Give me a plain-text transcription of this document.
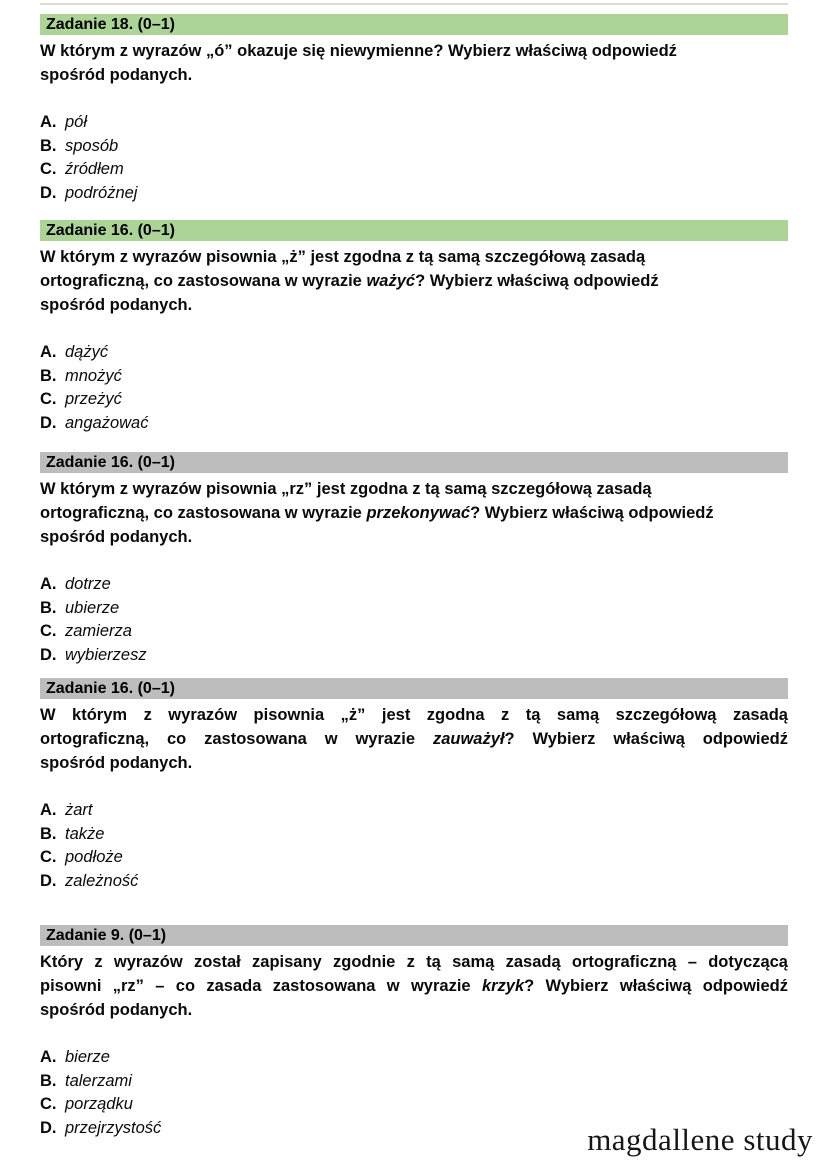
Zadanie 18. (0–1)
W którym z wyrazów „ó” okazuje się niewymienne? Wybierz właściwą odpowiedź
spośród podanych.
A. pół
B. sposób
C. źródłem
D. podróżnej
Zadanie 16. (0–1)
W którym z wyrazów pisownia „ż” jest zgodna z tą samą szczegółową zasadą
ortograficzną, co zastosowana w wyrazie ważyć? Wybierz właściwą odpowiedź
spośród podanych.
A. dążyć
B. mnożyć
C. przeżyć
D. angażować
Zadanie 16. (0–1)
W którym z wyrazów pisownia „rz” jest zgodna z tą samą szczegółową zasadą
ortograficzną, co zastosowana w wyrazie przekonywać? Wybierz właściwą odpowiedź
spośród podanych.
A. dotrze
B. ubierze
C. zamierza
D. wybierzesz
Zadanie 16. (0–1)
W którym z wyrazów pisownia „ż” jest zgodna z tą samą szczegółową zasadą
ortograficzną, co zastosowana w wyrazie zauważył? Wybierz właściwą odpowiedź
spośród podanych.
A. żart
B. także
C. podłoże
D. zależność
Zadanie 9. (0–1)
Który z wyrazów został zapisany zgodnie z tą samą zasadą ortograficzną – dotyczącą
pisowni „rz” – co zasada zastosowana w wyrazie krzyk? Wybierz właściwą odpowiedź
spośród podanych.
A. bierze
B. talerzami
C. porządku
D. przejrzystość	magdallene study
